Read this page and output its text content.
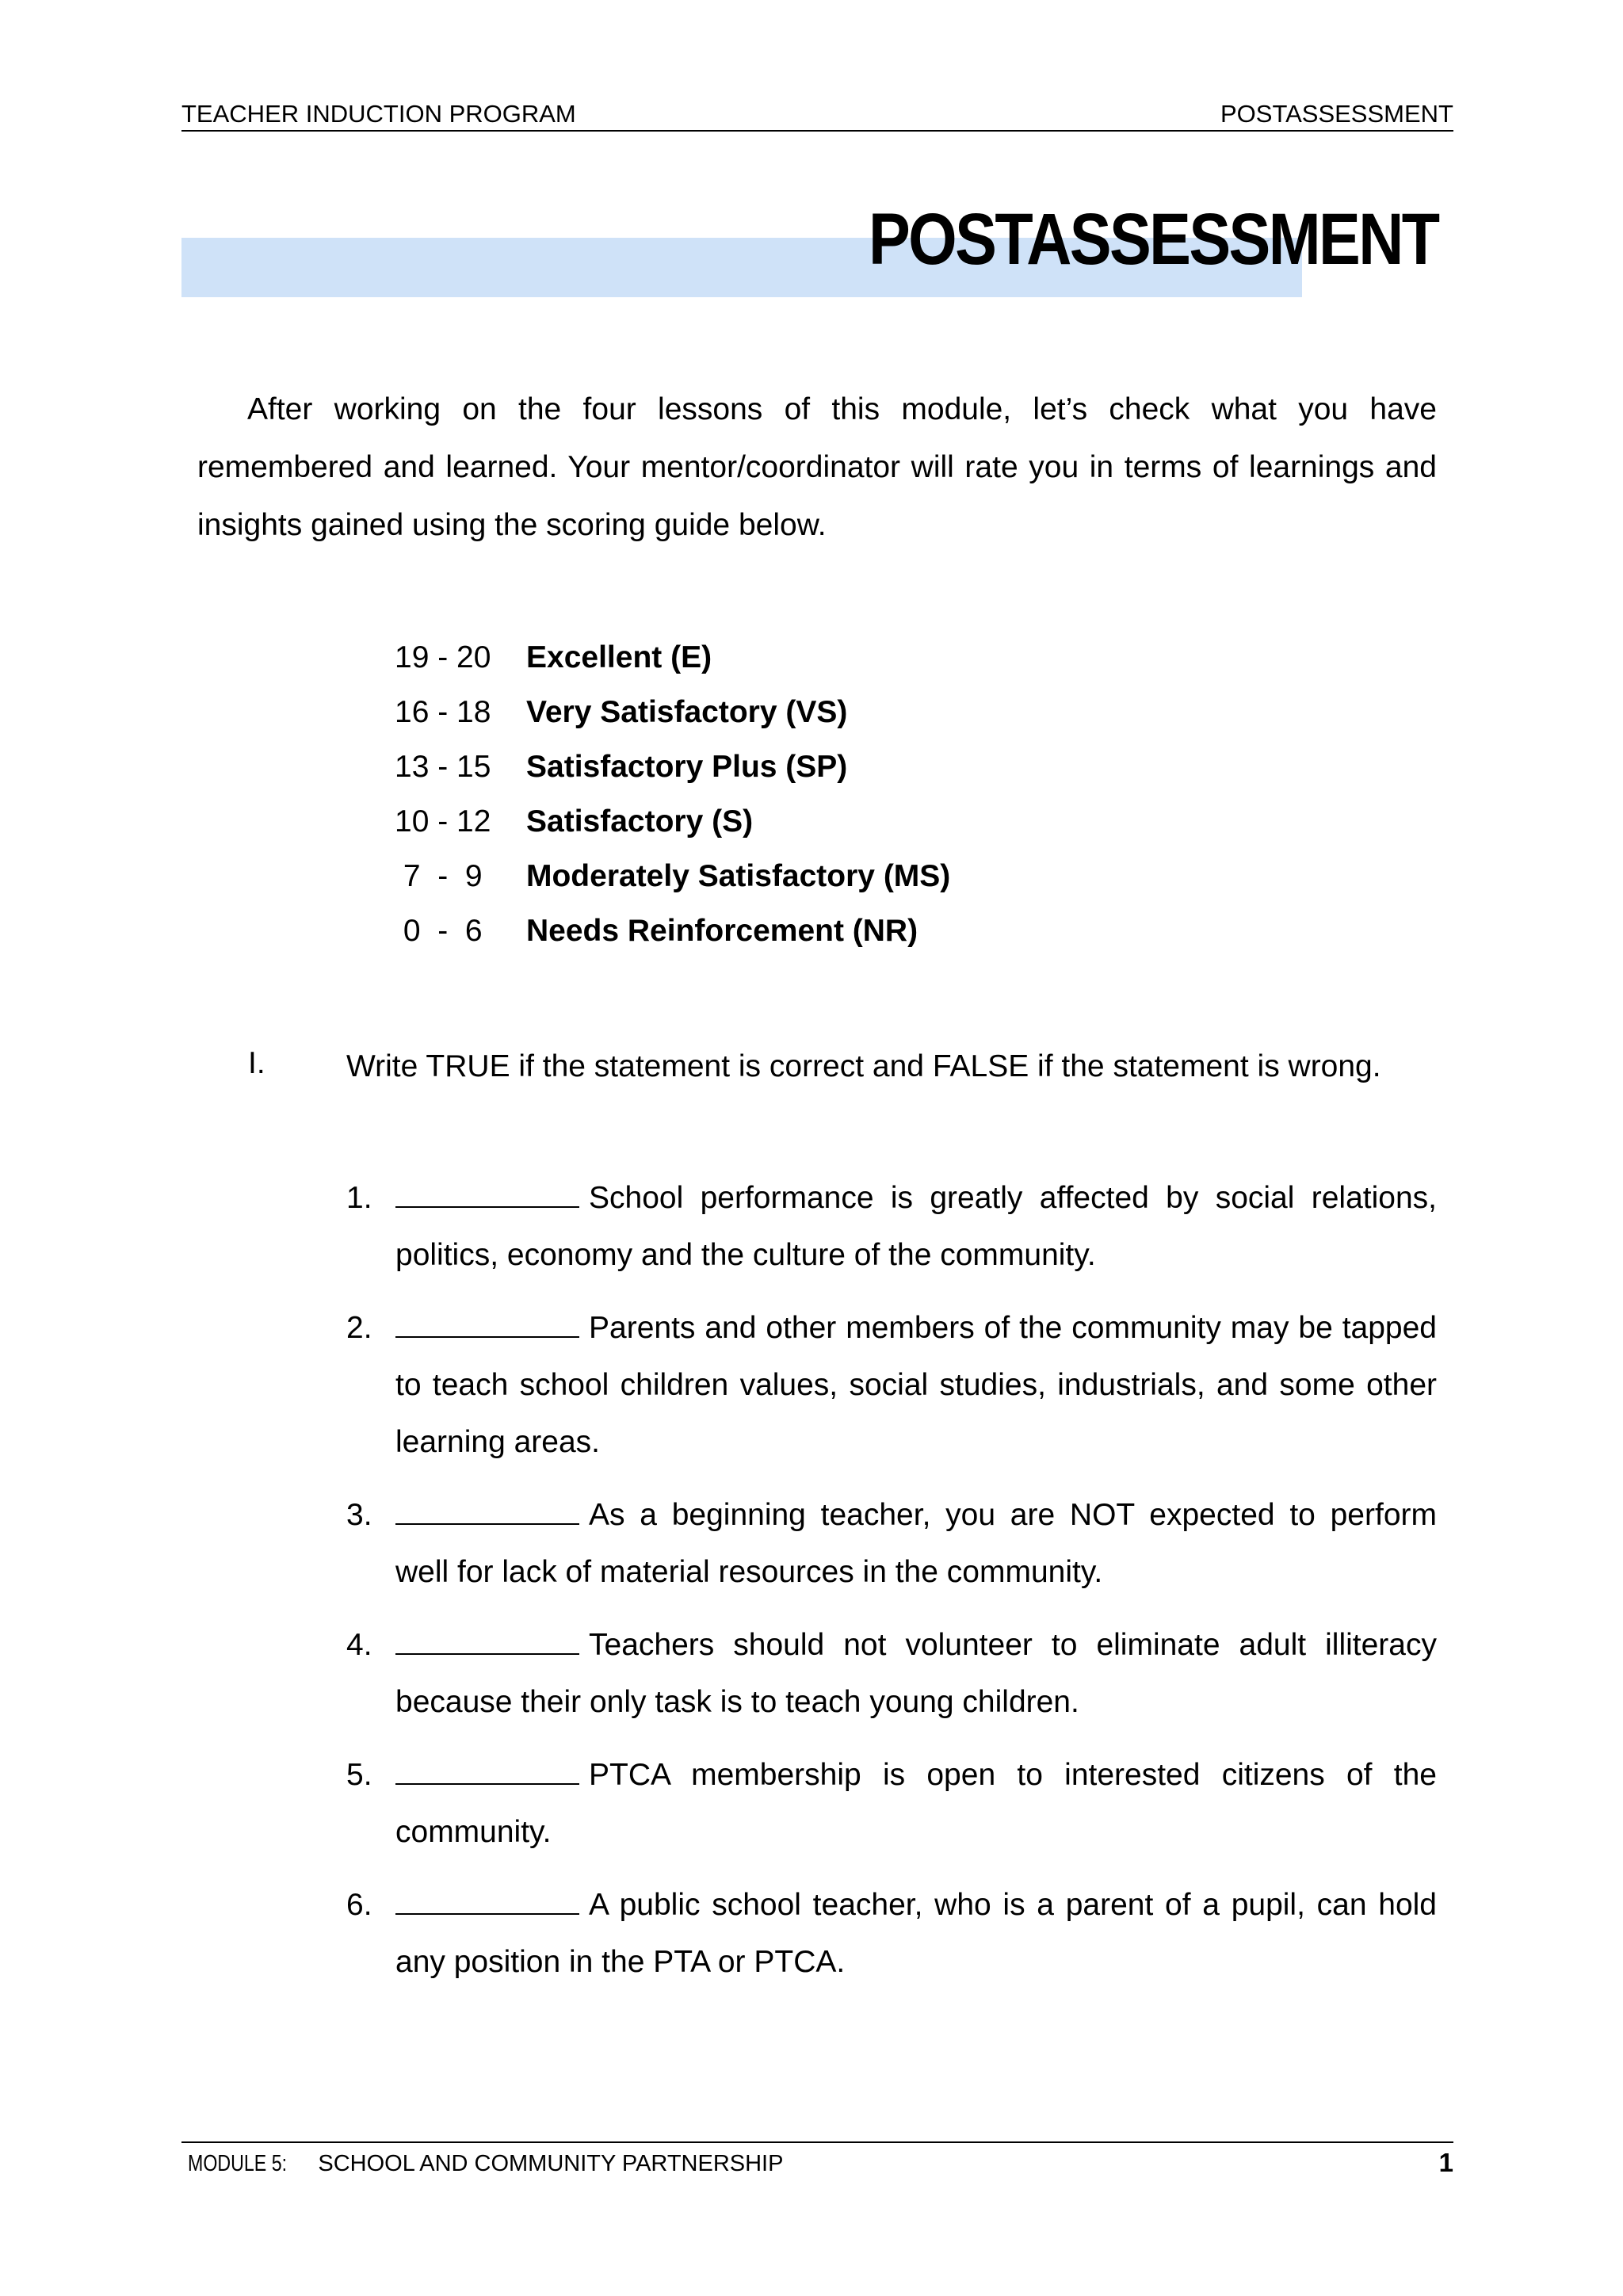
TEACHER INDUCTION PROGRAM	POSTASSESSMENT
POSTASSESSMENT

After working on the four lessons of this module, let’s check what you have remembered and learned. Your mentor/coordinator will rate you in terms of learnings and insights gained using the scoring guide below.

19 - 20	Excellent (E)
16 - 18	Very Satisfactory (VS)
13 - 15	Satisfactory Plus (SP)
10 - 12	Satisfactory (S)
7  -  9	Moderately Satisfactory (MS)
0  -  6	Needs Reinforcement (NR)
I.	Write TRUE if the statement is correct and FALSE if the statement is wrong.

1.	School performance is greatly affected by social relations, politics, economy and the culture of the community.
2.	Parents and other members of the community may be tapped to teach school children values, social studies, industrials, and some other learning areas.
3.	As a beginning teacher, you are NOT expected to perform well for lack of material resources in the community.
4.	Teachers should not volunteer to eliminate adult illiteracy because their only task is to teach young children.
5.	PTCA membership is open to interested citizens of the community.
6.	A public school teacher, who is a parent of a pupil, can hold any position in the PTA or PTCA.
MODULE 5: SCHOOL AND COMMUNITY PARTNERSHIP	1
